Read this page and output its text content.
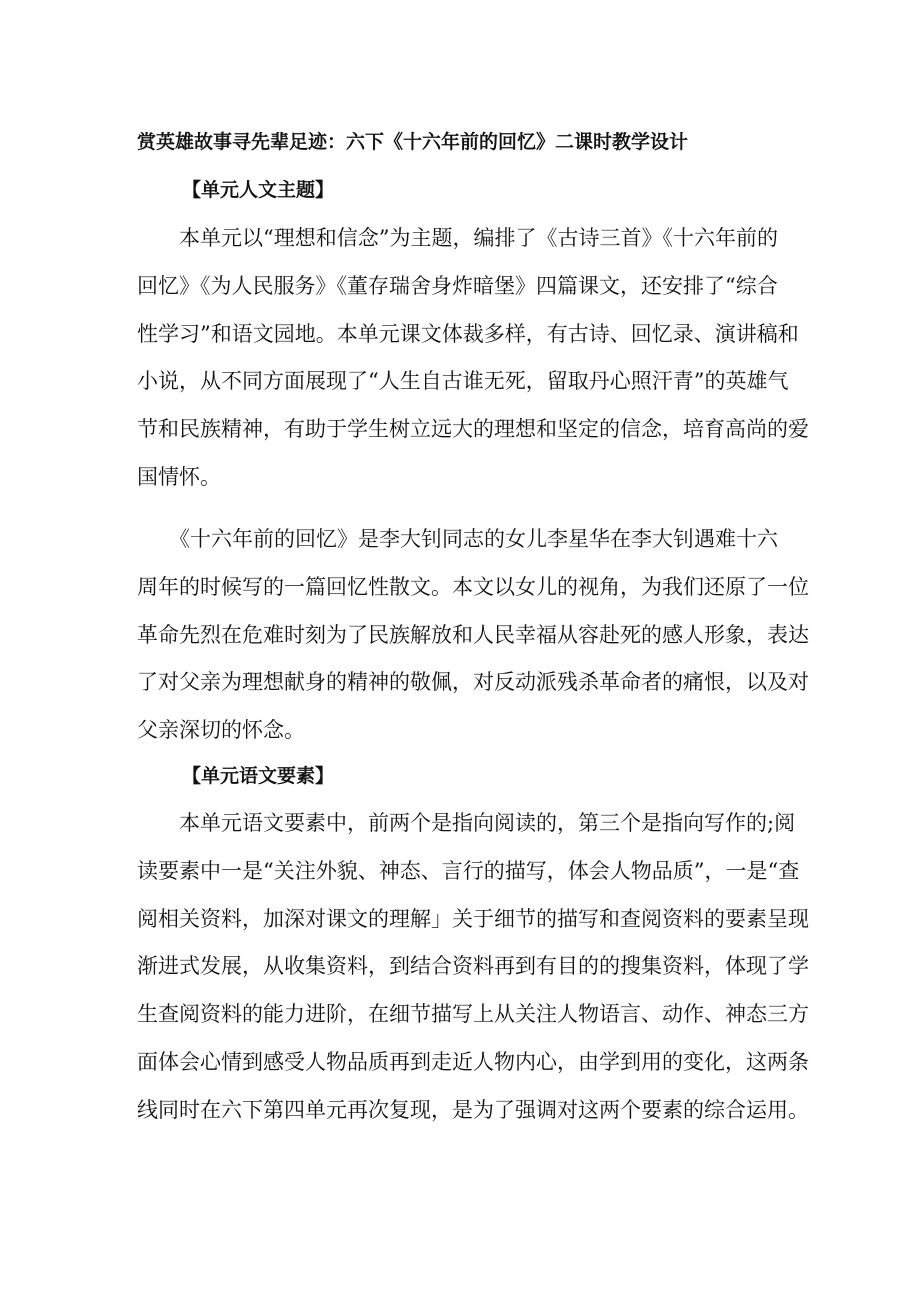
赏英雄故事寻先辈足迹：六下《十六年前的回忆》二课时教学设计
【单元人文主题】

本单元以“理想和信念”为主题，编排了《古诗三首》《十六年前的
回忆》《为人民服务》《董存瑞舍身炸暗堡》四篇课文，还安排了“综合
性学习”和语文园地。本单元课文体裁多样，有古诗、回忆录、演讲稿和
小说，从不同方面展现了“人生自古谁无死，留取丹心照汗青”的英雄气
节和民族精神，有助于学生树立远大的理想和坚定的信念，培育高尚的爱
国情怀。

《十六年前的回忆》是李大钊同志的女儿李星华在李大钊遇难十六
周年的时候写的一篇回忆性散文。本文以女儿的视角，为我们还原了一位
革命先烈在危难时刻为了民族解放和人民幸福从容赴死的感人形象，表达
了对父亲为理想献身的精神的敬佩，对反动派残杀革命者的痛恨，以及对
父亲深切的怀念。

【单元语文要素】

本单元语文要素中，前两个是指向阅读的，第三个是指向写作的;阅
读要素中一是“关注外貌、神态、言行的描写，体会人物品质”，一是“查
阅相关资料，加深对课文的理解」关于细节的描写和查阅资料的要素呈现
渐进式发展，从收集资料，到结合资料再到有目的的搜集资料，体现了学
生查阅资料的能力进阶，在细节描写上从关注人物语言、动作、神态三方
面体会心情到感受人物品质再到走近人物内心，由学到用的变化，这两条
线同时在六下第四单元再次复现，是为了强调对这两个要素的综合运用。
